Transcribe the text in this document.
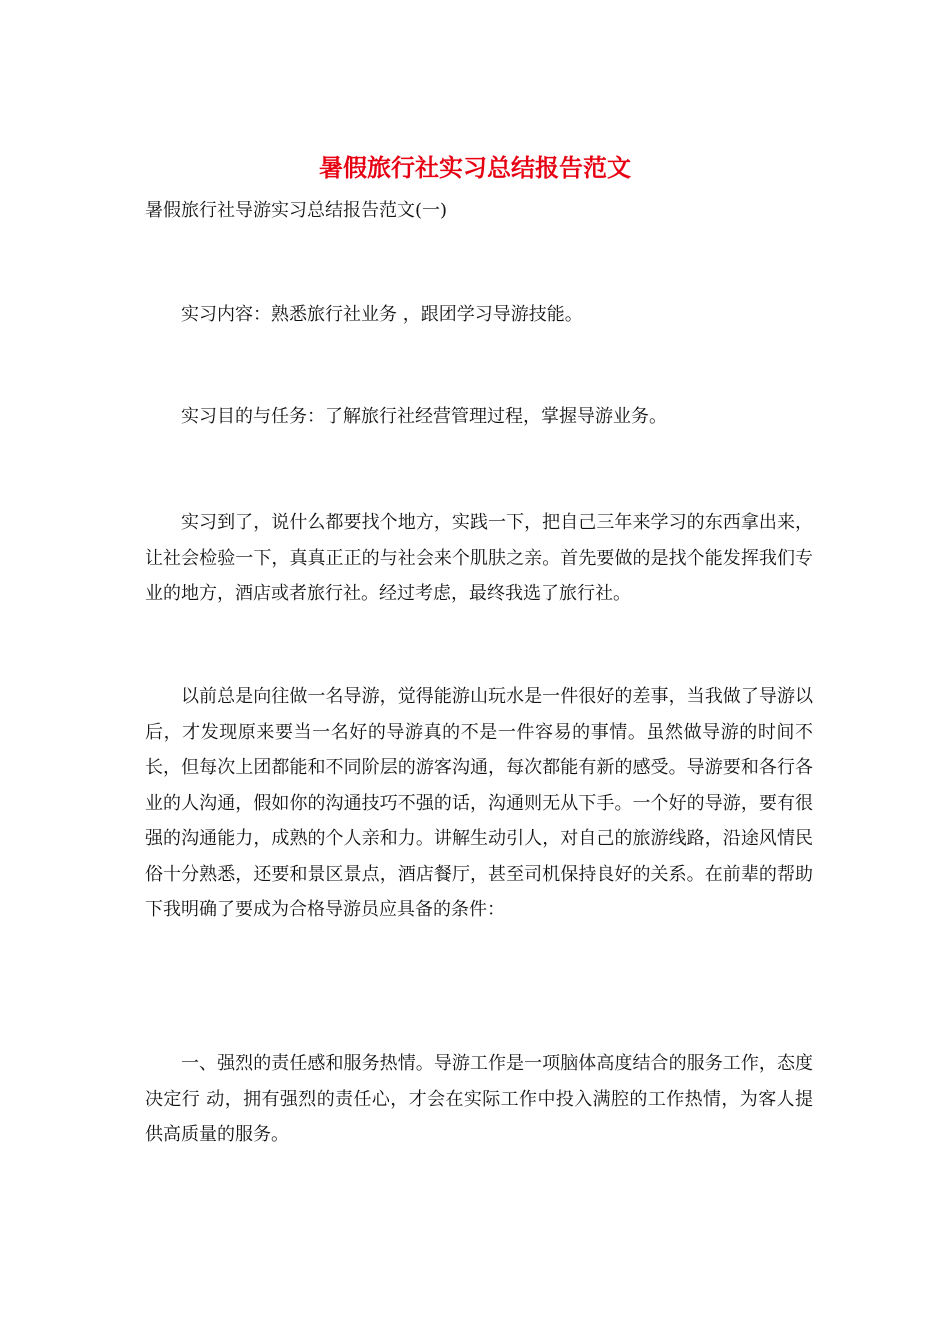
暑假旅行社实习总结报告范文
暑假旅行社导游实习总结报告范文(一)

实习内容：熟悉旅行社业务 ，跟团学习导游技能。

实习目的与任务：了解旅行社经营管理过程，掌握导游业务。

实习到了，说什么都要找个地方，实践一下，把自己三年来学习的东西拿出来，让社会检验一下，真真正正的与社会来个肌肤之亲。首先要做的是找个能发挥我们专业的地方，酒店或者旅行社。经过考虑，最终我选了旅行社。

以前总是向往做一名导游，觉得能游山玩水是一件很好的差事，当我做了导游以后，才发现原来要当一名好的导游真的不是一件容易的事情。虽然做导游的时间不长，但每次上团都能和不同阶层的游客沟通，每次都能有新的感受。导游要和各行各业的人沟通，假如你的沟通技巧不强的话，沟通则无从下手。一个好的导游，要有很强的沟通能力，成熟的个人亲和力。讲解生动引人，对自己的旅游线路，沿途风情民俗十分熟悉，还要和景区景点，酒店餐厅，甚至司机保持良好的关系。在前辈的帮助下我明确了要成为合格导游员应具备的条件：

一、强烈的责任感和服务热情。导游工作是一项脑体高度结合的服务工作，态度决定行 动，拥有强烈的责任心，才会在实际工作中投入满腔的工作热情，为客人提供高质量的服务。
